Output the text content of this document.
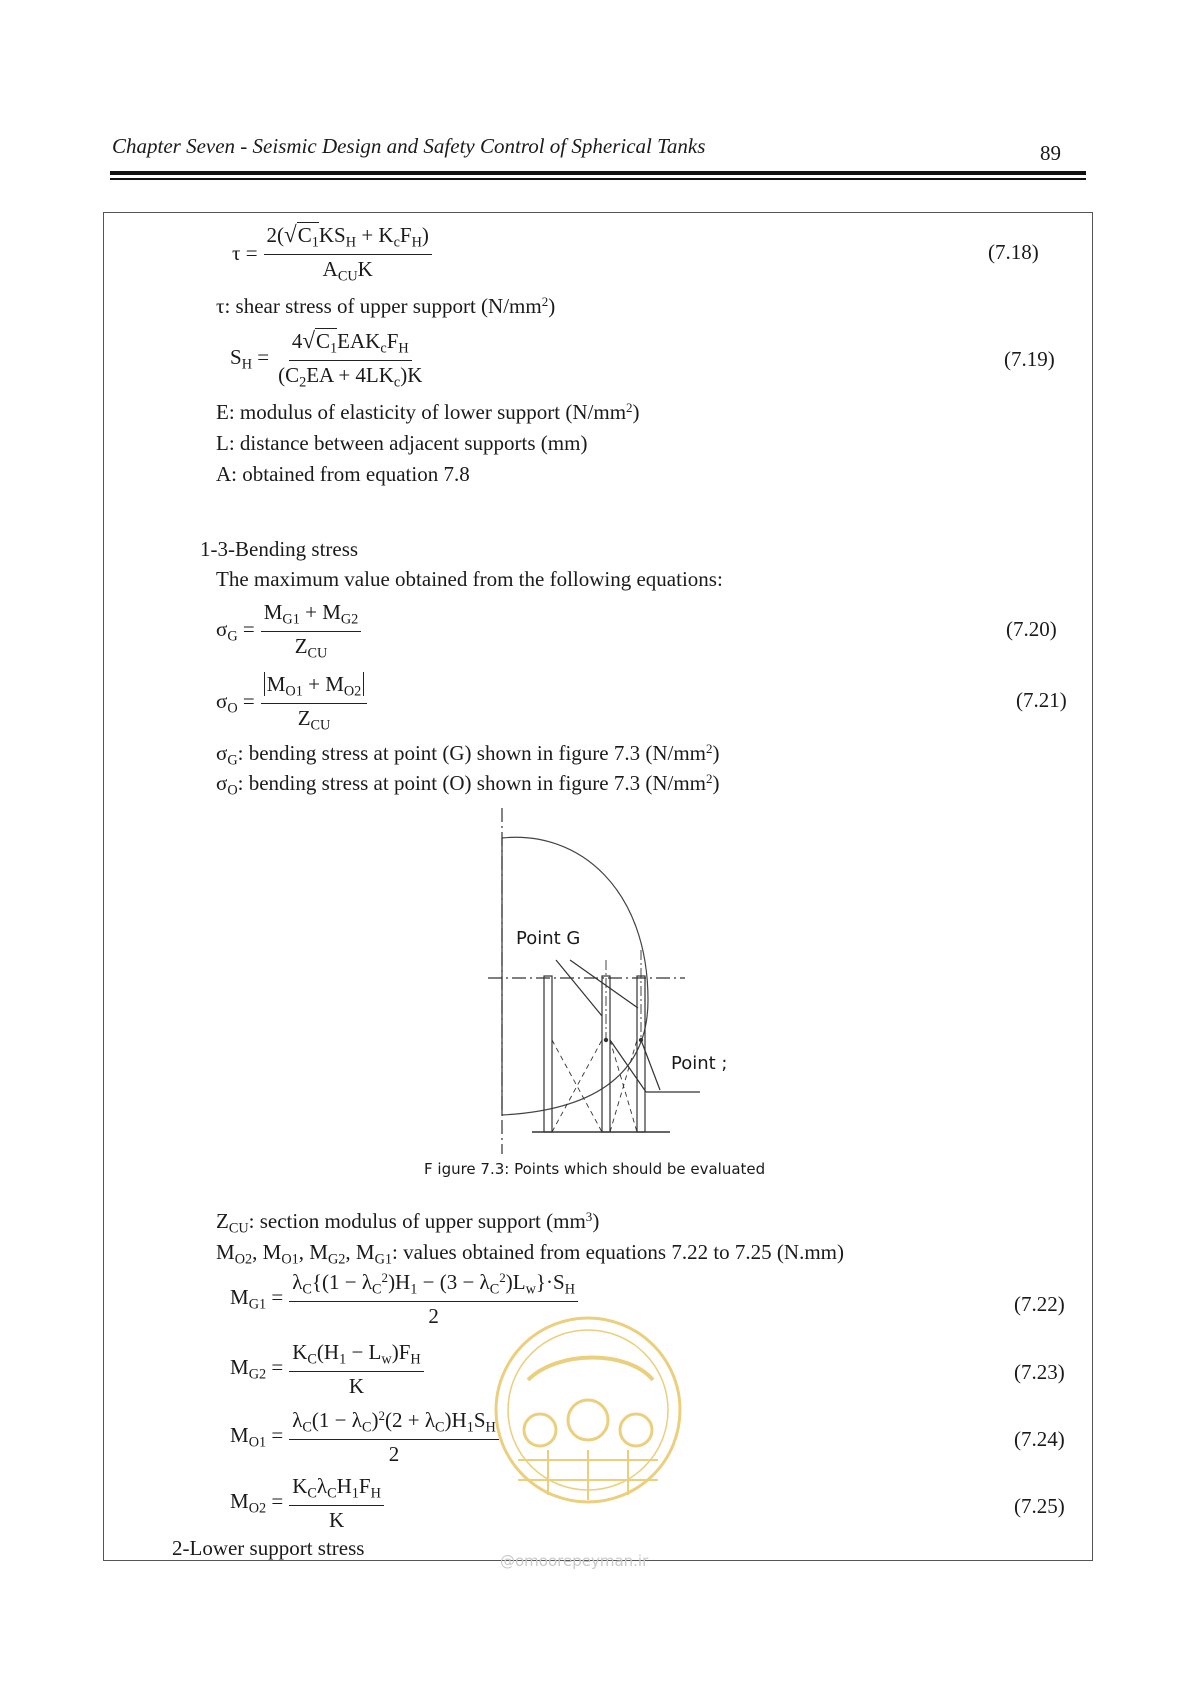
Chapter Seven - Seismic Design and Safety Control of Spherical Tanks	89
$\tau = \frac{2(√C_1KS_H + K_cF_H)}{A_{CU}K}$	(7.18)
τ: shear stress of upper support $(N/mm^2)$
$S_H = \frac{4√C_1EAK_cF_H}{(C_2EA + 4LK_c)K}$	(7.19)
E: modulus of elasticity of lower support $(N/mm^2)$
L: distance between adjacent supports (mm)
A: obtained from equation 7.8
1-3-Bending stress
The maximum value obtained from the following equations:
$\sigma_G = \frac{M_{G1} + M_{G2}}{Z_{CU}}$	(7.20)
$\sigma_O = \frac{M_{O1} + M_{O2}}{Z_{CU}}$	(7.21)
$\sigma_G$: bending stress at point (G) shown in figure 7.3 $(N/mm^2)$
$\sigma_O$: bending stress at point (O) shown in figure 7.3 $(N/mm^2)$
Point G
Point ;
F igure 7.3: Points which should be evaluated
$Z_{CU}$: section modulus of upper support $(mm^3)$
$M_{O2}$, $M_{O1}$, $M_{G2}$, $M_{G1}$: values obtained from equations 7.22 to 7.25 (N.mm)
@omoorepeyman.ir
$M_{G1} = \frac{\lambda_C\{(1 - \lambda_C^2)H_1 - (3 - \lambda_C^2)L_w\}\cdot S_H}{2}$	(7.22)
$M_{G2} = \frac{K_C(H_1 - L_w)F_H}{K}$	(7.23)
$M_{O1} = \frac{\lambda_C(1 - \lambda_C)^2(2 + \lambda_C)H_1S_H}{2}$	(7.24)
$M_{O2} = \frac{K_C\lambda_CH_1F_H}{K}$	(7.25)
2-Lower support stress
